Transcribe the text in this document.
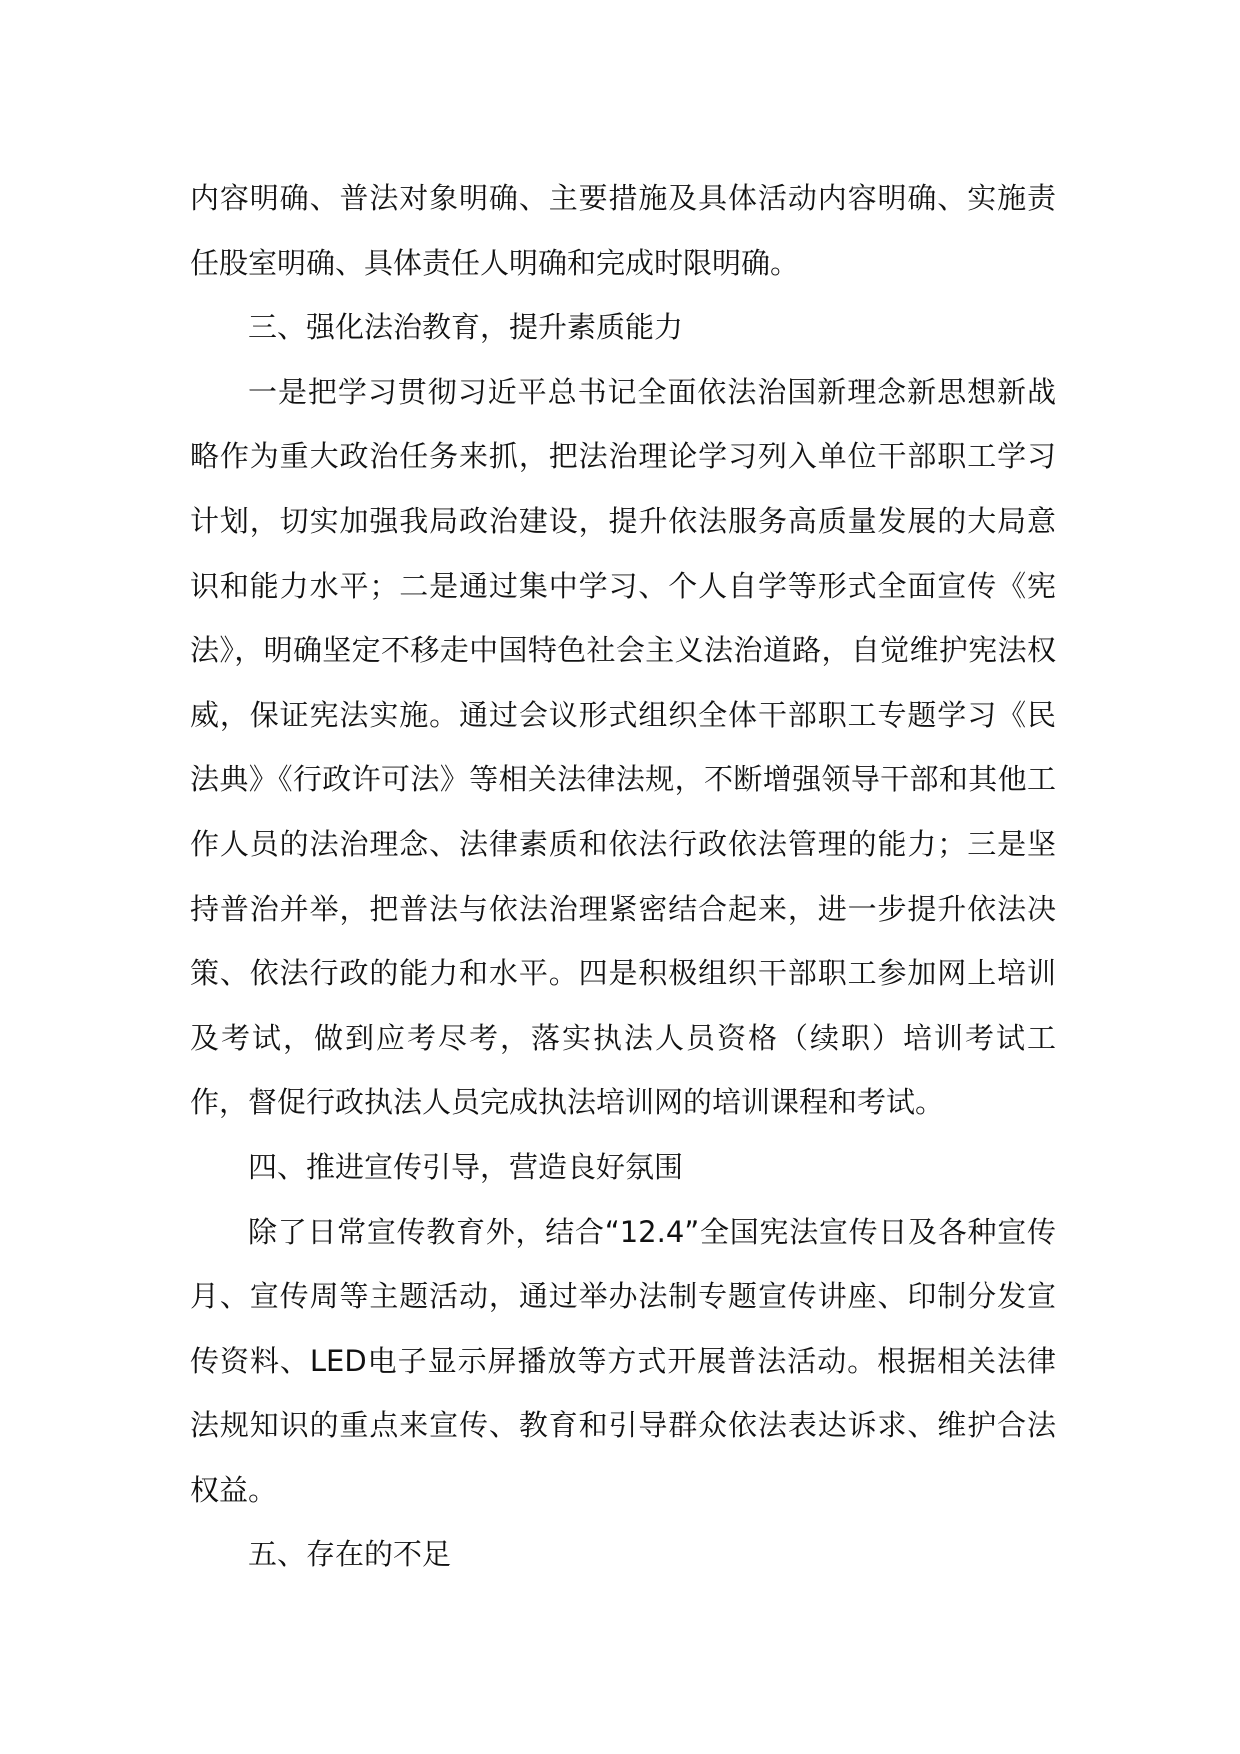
内容明确、普法对象明确、主要措施及具体活动内容明确、实施责任股室明确、具体责任人明确和完成时限明确。

三、强化法治教育，提升素质能力

一是把学习贯彻习近平总书记全面依法治国新理念新思想新战略作为重大政治任务来抓，把法治理论学习列入单位干部职工学习计划，切实加强我局政治建设，提升依法服务高质量发展的大局意识和能力水平；二是通过集中学习、个人自学等形式全面宣传《宪法》，明确坚定不移走中国特色社会主义法治道路，自觉维护宪法权威，保证宪法实施。通过会议形式组织全体干部职工专题学习《民法典》《行政许可法》等相关法律法规，不断增强领导干部和其他工作人员的法治理念、法律素质和依法行政依法管理的能力；三是坚持普治并举，把普法与依法治理紧密结合起来，进一步提升依法决策、依法行政的能力和水平。四是积极组织干部职工参加网上培训及考试，做到应考尽考，落实执法人员资格（续职）培训考试工作，督促行政执法人员完成执法培训网的培训课程和考试。

四、推进宣传引导，营造良好氛围

除了日常宣传教育外，结合“12.4”全国宪法宣传日及各种宣传月、宣传周等主题活动，通过举办法制专题宣传讲座、印制分发宣传资料、LED电子显示屏播放等方式开展普法活动。根据相关法律法规知识的重点来宣传、教育和引导群众依法表达诉求、维护合法权益。

五、存在的不足
